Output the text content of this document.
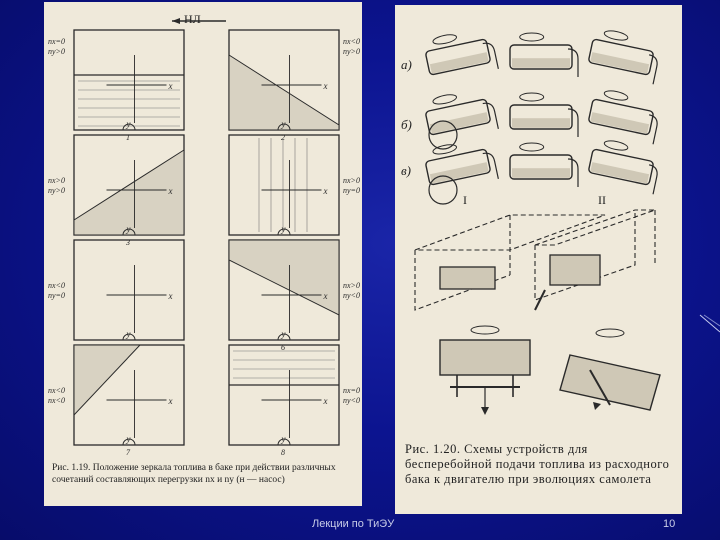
x
y
1
nx=0
ny>0
x
y
2
nx<0
ny>0
x
y
3
nx>0
ny>0	x
y
nx>0
ny=0
x
y
nx<0
ny=0	x
y
6
nx>0
ny<0
x
y
7
nx<0
nx<0	x
y
8
nx=0
ny<0
НЛ
Рис. 1.19. Положение зеркала топлива в баке при действии различных сочетаний составляющих перегрузки nx и ny (н — насос)
а)
б)
в)
I	II
Рис. 1.20. Схемы устройств для бесперебойной подачи топлива из расходного бака к двигателю при эволюциях самолета
Лекции по ТиЭУ	10
